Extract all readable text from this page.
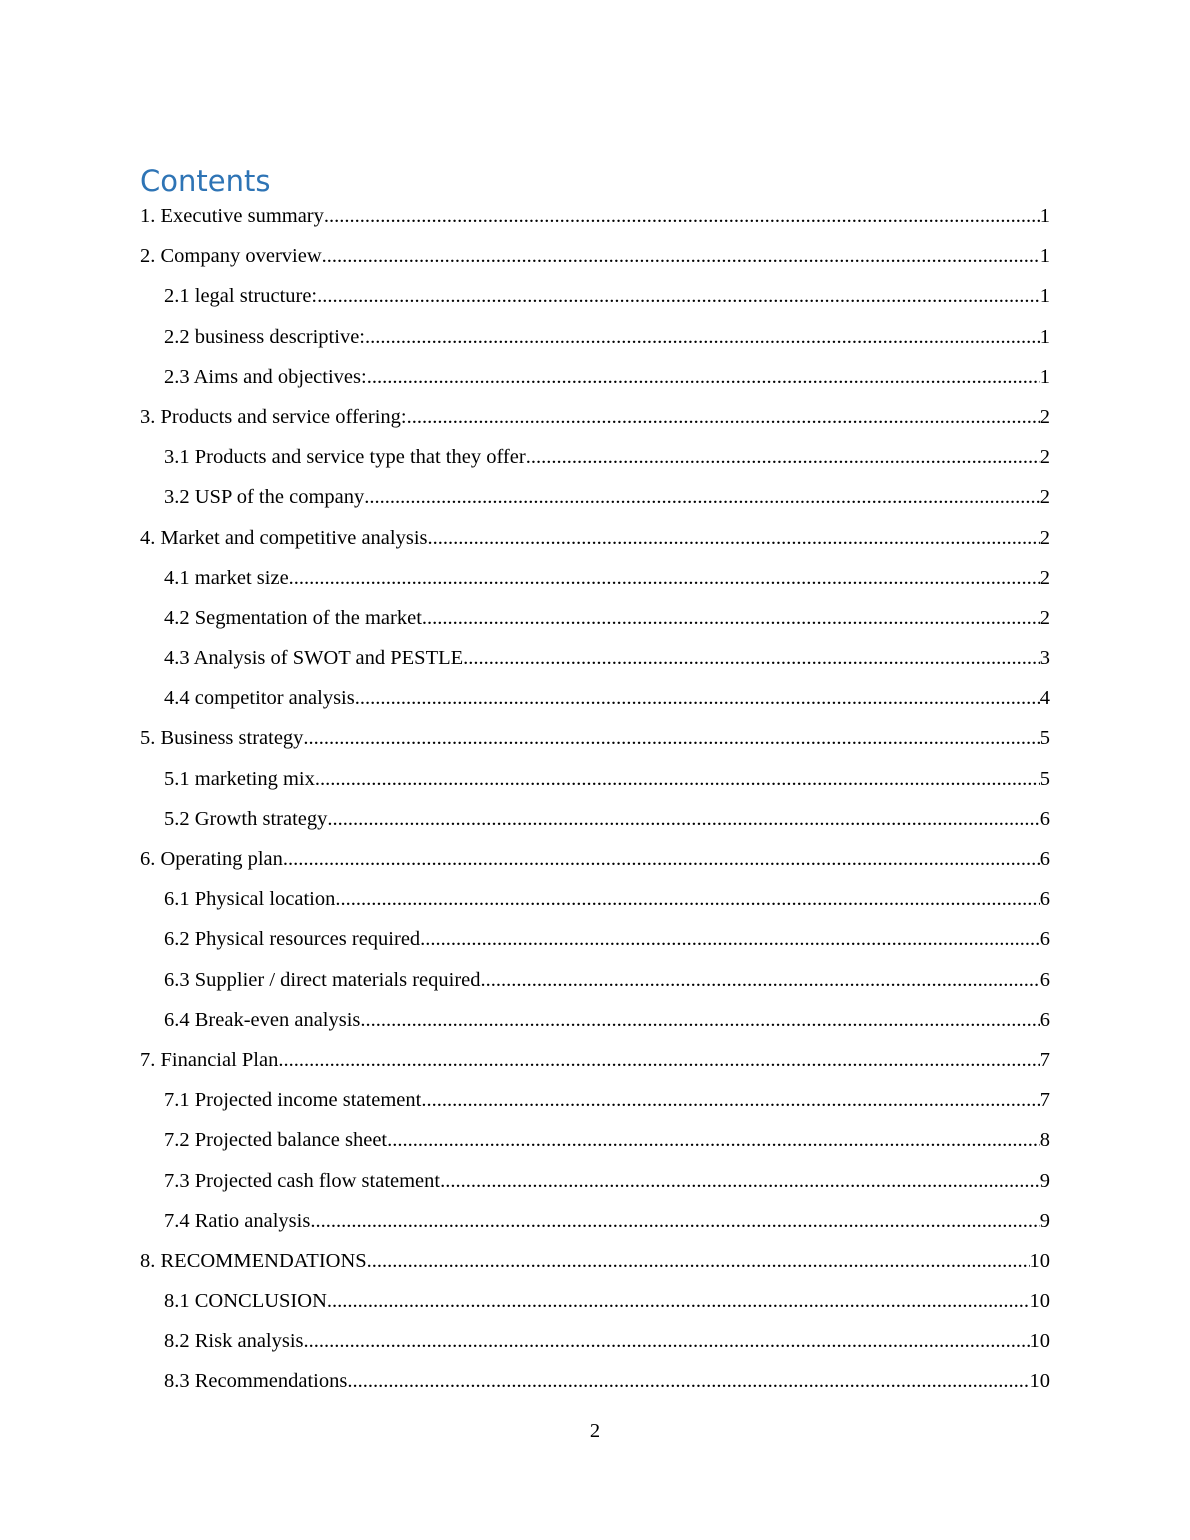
Contents
1. Executive summary .....	1
2. Company overview .....	1
2.1 legal structure: .....	1
2.2 business descriptive: .....	1
2.3 Aims and objectives: .....	1
3. Products and service offering: .....	2
3.1 Products and service type that they offer .....	2
3.2 USP of the company .....	2
4. Market and competitive analysis .....	2
4.1 market size .....	2
4.2 Segmentation of the market .....	2
4.3 Analysis of SWOT and PESTLE .....	3
4.4 competitor analysis .....	4
5. Business strategy .....	5
5.1 marketing mix .....	5
5.2 Growth strategy .....	6
6. Operating plan .....	6
6.1 Physical location .....	6
6.2 Physical resources required .....	6
6.3 Supplier / direct materials required .....	6
6.4 Break-even analysis .....	6
7. Financial Plan .....	7
7.1 Projected income statement .....	7
7.2 Projected balance sheet .....	8
7.3 Projected cash flow statement .....	9
7.4 Ratio analysis .....	9
8. RECOMMENDATIONS .....	10
8.1 CONCLUSION .....	10
8.2 Risk analysis .....	10
8.3 Recommendations .....	10
2
